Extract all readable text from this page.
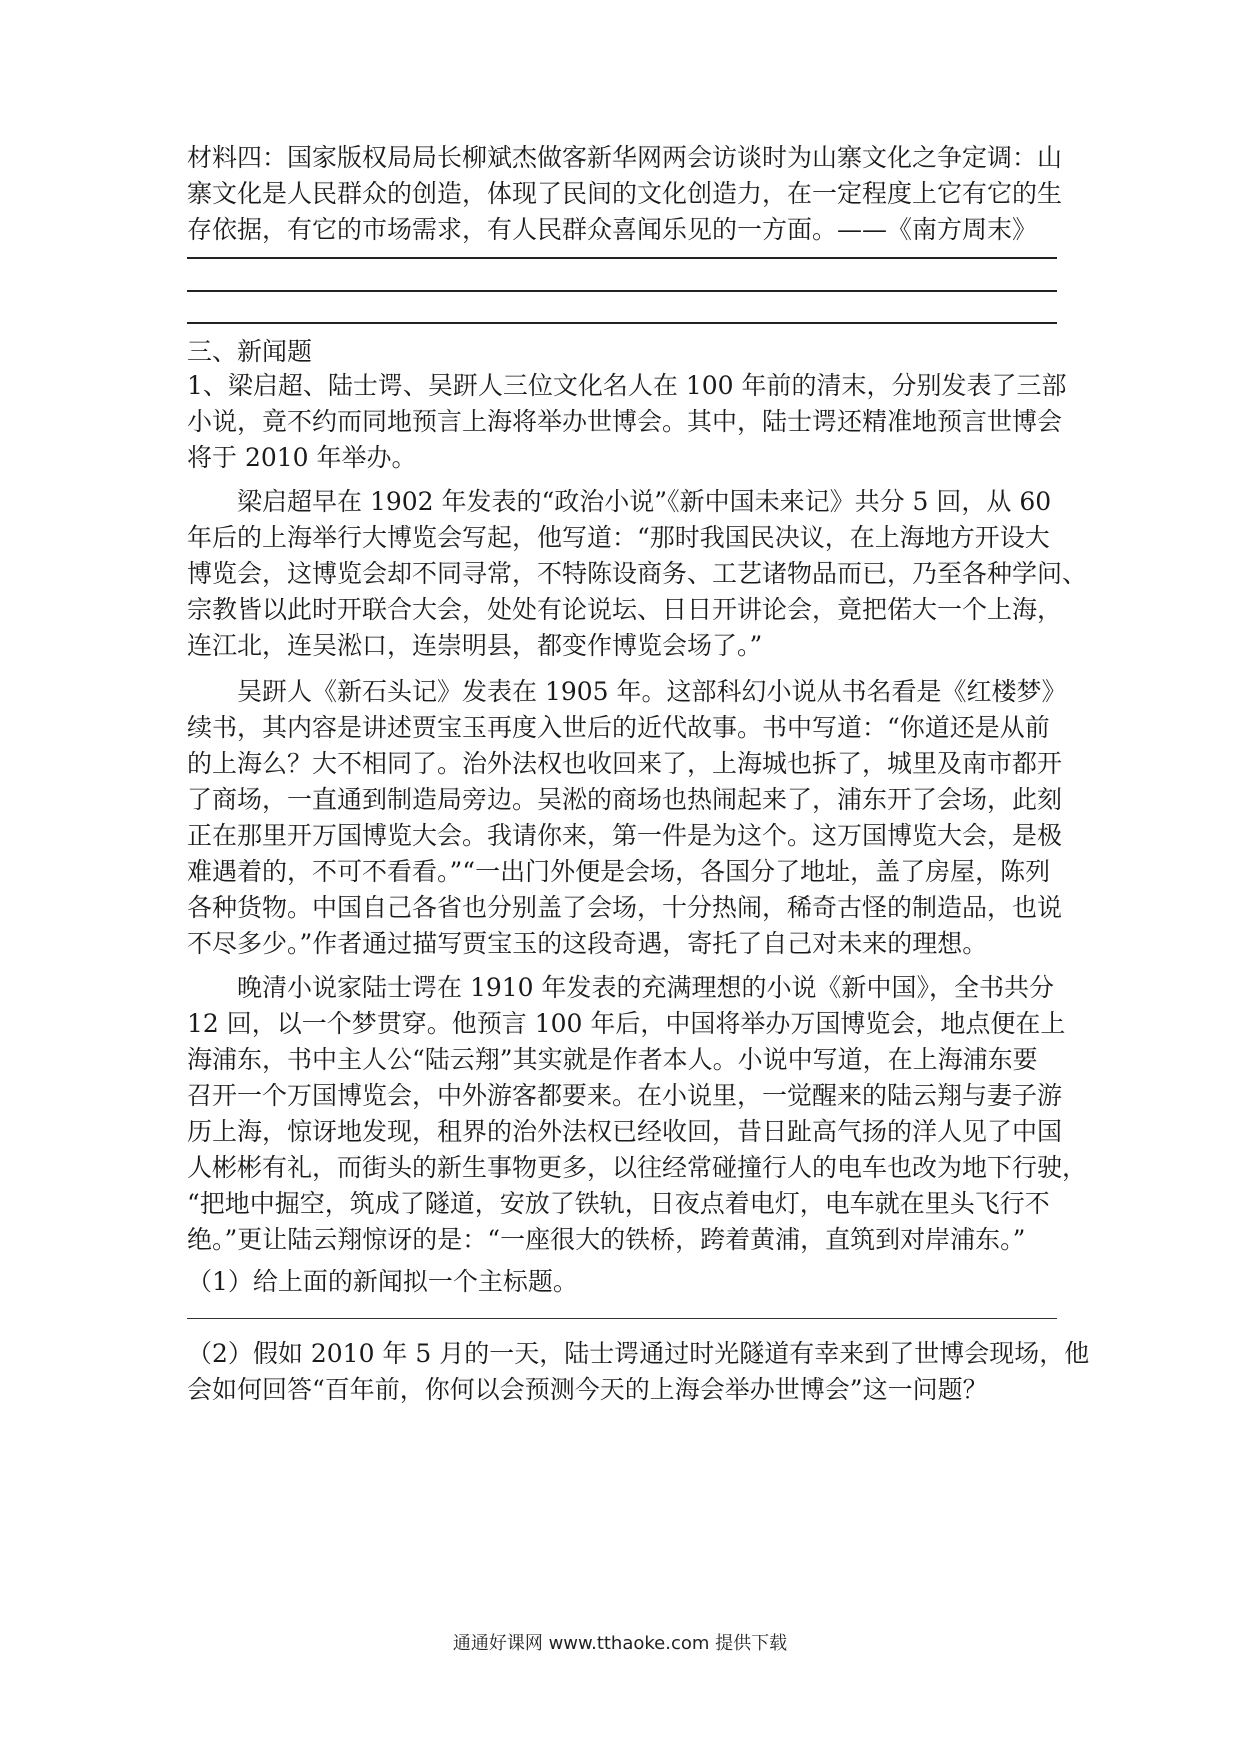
材料四：国家版权局局长柳斌杰做客新华网两会访谈时为山寨文化之争定调：山
寨文化是人民群众的创造，体现了民间的文化创造力，在一定程度上它有它的生
存依据，有它的市场需求，有人民群众喜闻乐见的一方面。——《南方周末》
三、新闻题
1、梁启超、陆士谔、吴趼人三位文化名人在 100 年前的清末，分别发表了三部
小说，竟不约而同地预言上海将举办世博会。其中，陆士谔还精准地预言世博会
将于 2010 年举办。
梁启超早在 1902 年发表的“政治小说”《新中国未来记》共分 5 回，从 60
年后的上海举行大博览会写起，他写道：“那时我国民决议，在上海地方开设大
博览会，这博览会却不同寻常，不特陈设商务、工艺诸物品而已，乃至各种学问、
宗教皆以此时开联合大会，处处有论说坛、日日开讲论会，竟把偌大一个上海，
连江北，连吴淞口，连崇明县，都变作博览会场了。”
吴趼人《新石头记》发表在 1905 年。这部科幻小说从书名看是《红楼梦》
续书，其内容是讲述贾宝玉再度入世后的近代故事。书中写道：“你道还是从前
的上海么？大不相同了。治外法权也收回来了，上海城也拆了，城里及南市都开
了商场，一直通到制造局旁边。吴淞的商场也热闹起来了，浦东开了会场，此刻
正在那里开万国博览大会。我请你来，第一件是为这个。这万国博览大会，是极
难遇着的，不可不看看。”“一出门外便是会场，各国分了地址，盖了房屋，陈列
各种货物。中国自己各省也分别盖了会场，十分热闹，稀奇古怪的制造品，也说
不尽多少。”作者通过描写贾宝玉的这段奇遇，寄托了自己对未来的理想。
晚清小说家陆士谔在 1910 年发表的充满理想的小说《新中国》，全书共分
12 回，以一个梦贯穿。他预言 100 年后，中国将举办万国博览会，地点便在上
海浦东，书中主人公“陆云翔”其实就是作者本人。小说中写道，在上海浦东要
召开一个万国博览会，中外游客都要来。在小说里，一觉醒来的陆云翔与妻子游
历上海，惊讶地发现，租界的治外法权已经收回，昔日趾高气扬的洋人见了中国
人彬彬有礼，而街头的新生事物更多，以往经常碰撞行人的电车也改为地下行驶，
“把地中掘空，筑成了隧道，安放了铁轨，日夜点着电灯，电车就在里头飞行不
绝。”更让陆云翔惊讶的是：“一座很大的铁桥，跨着黄浦，直筑到对岸浦东。”
（1）给上面的新闻拟一个主标题。
（2）假如 2010 年 5 月的一天，陆士谔通过时光隧道有幸来到了世博会现场，他
会如何回答“百年前，你何以会预测今天的上海会举办世博会”这一问题？
通通好课网 www.tthaoke.com 提供下载
